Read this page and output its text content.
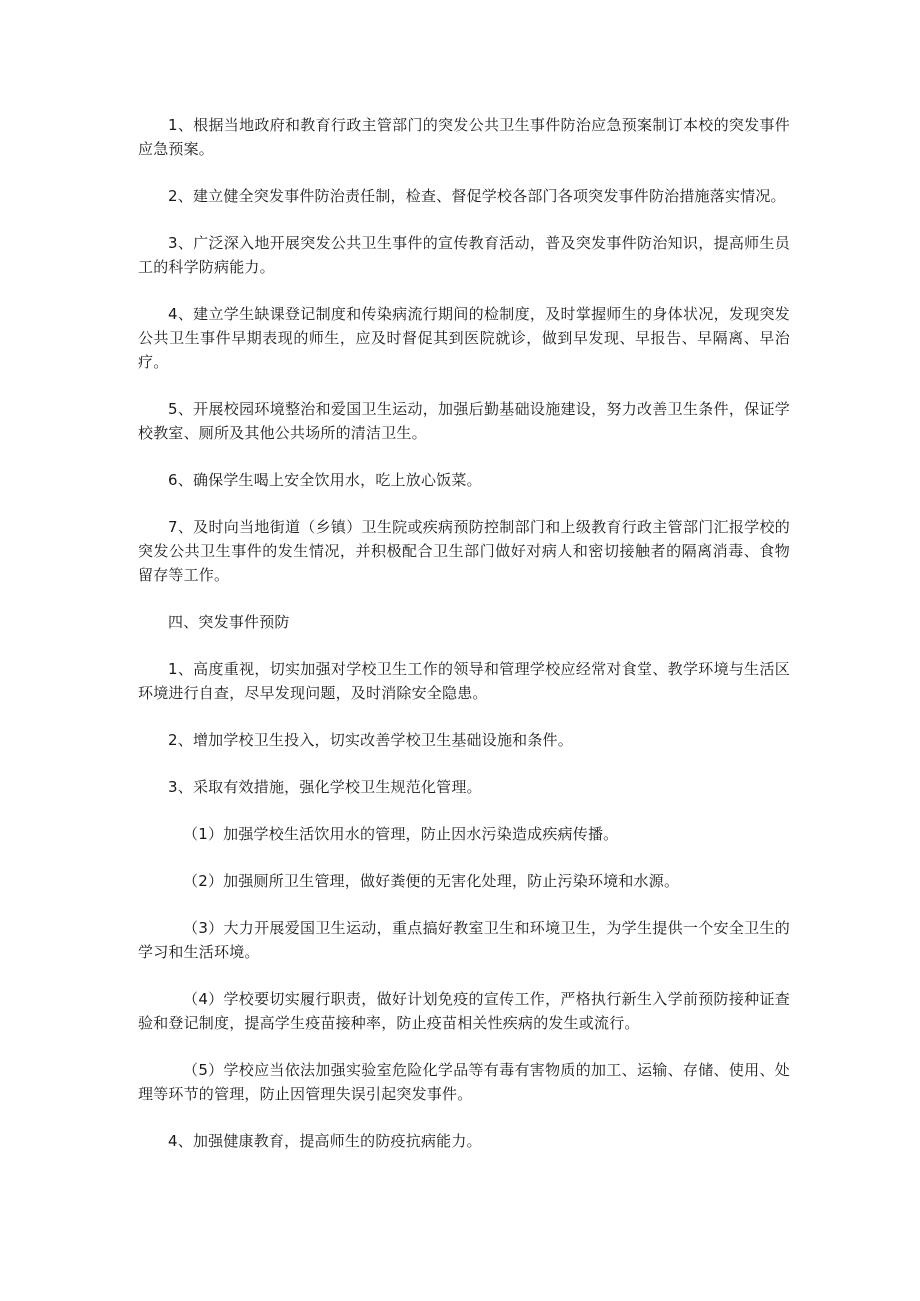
1、根据当地政府和教育行政主管部门的突发公共卫生事件防治应急预案制订本校的突发事件应急预案。

2、建立健全突发事件防治责任制，检查、督促学校各部门各项突发事件防治措施落实情况。

3、广泛深入地开展突发公共卫生事件的宣传教育活动，普及突发事件防治知识，提高师生员工的科学防病能力。

4、建立学生缺课登记制度和传染病流行期间的检制度，及时掌握师生的身体状况，发现突发公共卫生事件早期表现的师生，应及时督促其到医院就诊，做到早发现、早报告、早隔离、早治疗。

5、开展校园环境整治和爱国卫生运动，加强后勤基础设施建设，努力改善卫生条件，保证学校教室、厕所及其他公共场所的清洁卫生。

6、确保学生喝上安全饮用水，吃上放心饭菜。

7、及时向当地街道（乡镇）卫生院或疾病预防控制部门和上级教育行政主管部门汇报学校的突发公共卫生事件的发生情况，并积极配合卫生部门做好对病人和密切接触者的隔离消毒、食物留存等工作。

四、突发事件预防

1、高度重视，切实加强对学校卫生工作的领导和管理学校应经常对食堂、教学环境与生活区环境进行自查，尽早发现问题，及时消除安全隐患。

2、增加学校卫生投入，切实改善学校卫生基础设施和条件。

3、采取有效措施，强化学校卫生规范化管理。

（1）加强学校生活饮用水的管理，防止因水污染造成疾病传播。

（2）加强厕所卫生管理，做好粪便的无害化处理，防止污染环境和水源。

（3）大力开展爱国卫生运动，重点搞好教室卫生和环境卫生，为学生提供一个安全卫生的学习和生活环境。

（4）学校要切实履行职责，做好计划免疫的宣传工作，严格执行新生入学前预防接种证查验和登记制度，提高学生疫苗接种率，防止疫苗相关性疾病的发生或流行。

（5）学校应当依法加强实验室危险化学品等有毒有害物质的加工、运输、存储、使用、处理等环节的管理，防止因管理失误引起突发事件。

4、加强健康教育，提高师生的防疫抗病能力。
